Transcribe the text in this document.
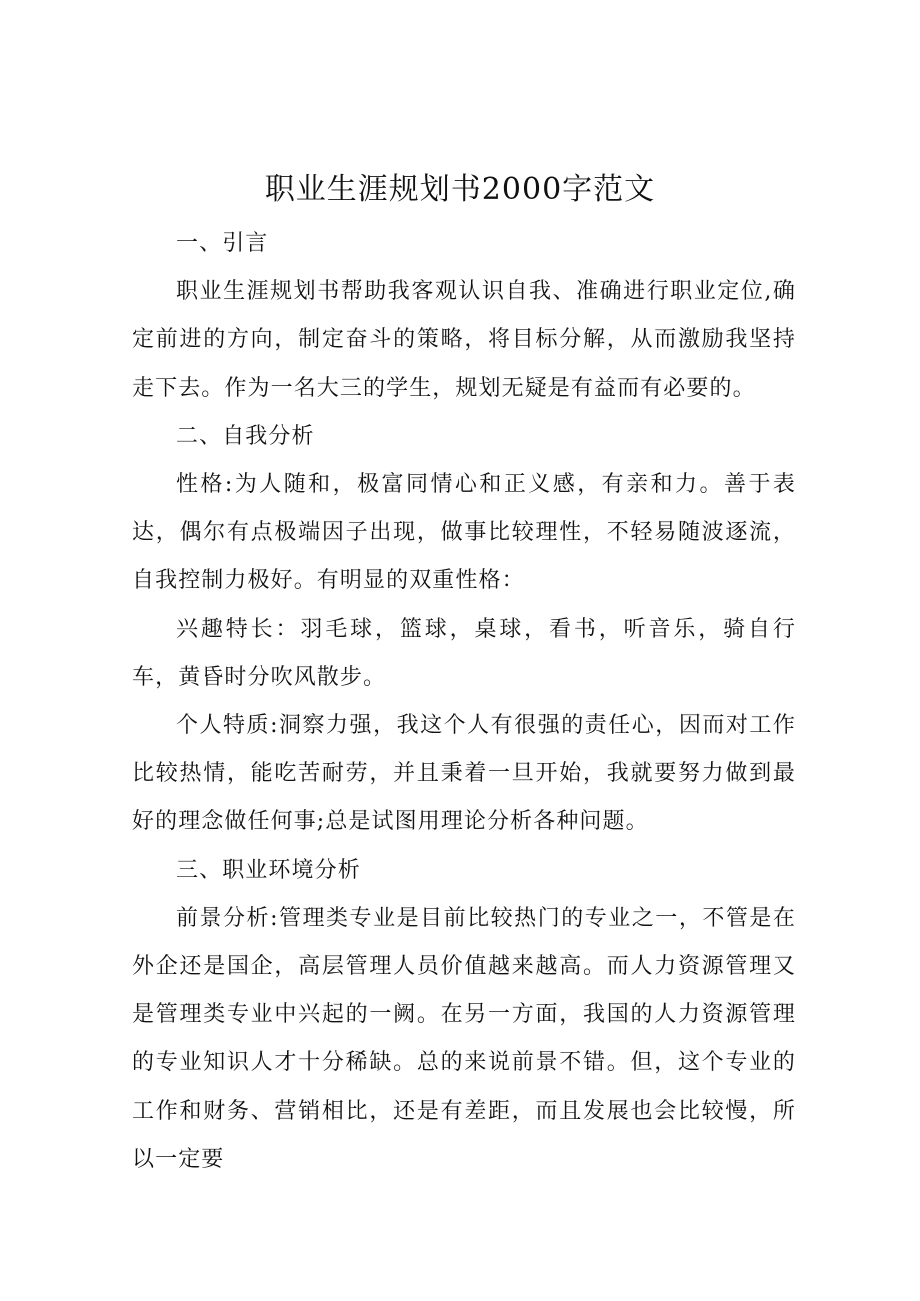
职业生涯规划书2000字范文

一、引言

职业生涯规划书帮助我客观认识自我、准确进行职业定位,确定前进的方向，制定奋斗的策略，将目标分解，从而激励我坚持走下去。作为一名大三的学生，规划无疑是有益而有必要的。

二、自我分析

性格:为人随和，极富同情心和正义感，有亲和力。善于表达，偶尔有点极端因子出现，做事比较理性，不轻易随波逐流，自我控制力极好。有明显的双重性格：

兴趣特长：羽毛球，篮球，桌球，看书，听音乐，骑自行车，黄昏时分吹风散步。

个人特质:洞察力强，我这个人有很强的责任心，因而对工作比较热情，能吃苦耐劳，并且秉着一旦开始，我就要努力做到最好的理念做任何事;总是试图用理论分析各种问题。

三、职业环境分析

前景分析:管理类专业是目前比较热门的专业之一，不管是在外企还是国企，高层管理人员价值越来越高。而人力资源管理又是管理类专业中兴起的一阙。在另一方面，我国的人力资源管理的专业知识人才十分稀缺。总的来说前景不错。但，这个专业的工作和财务、营销相比，还是有差距，而且发展也会比较慢，所以一定要
